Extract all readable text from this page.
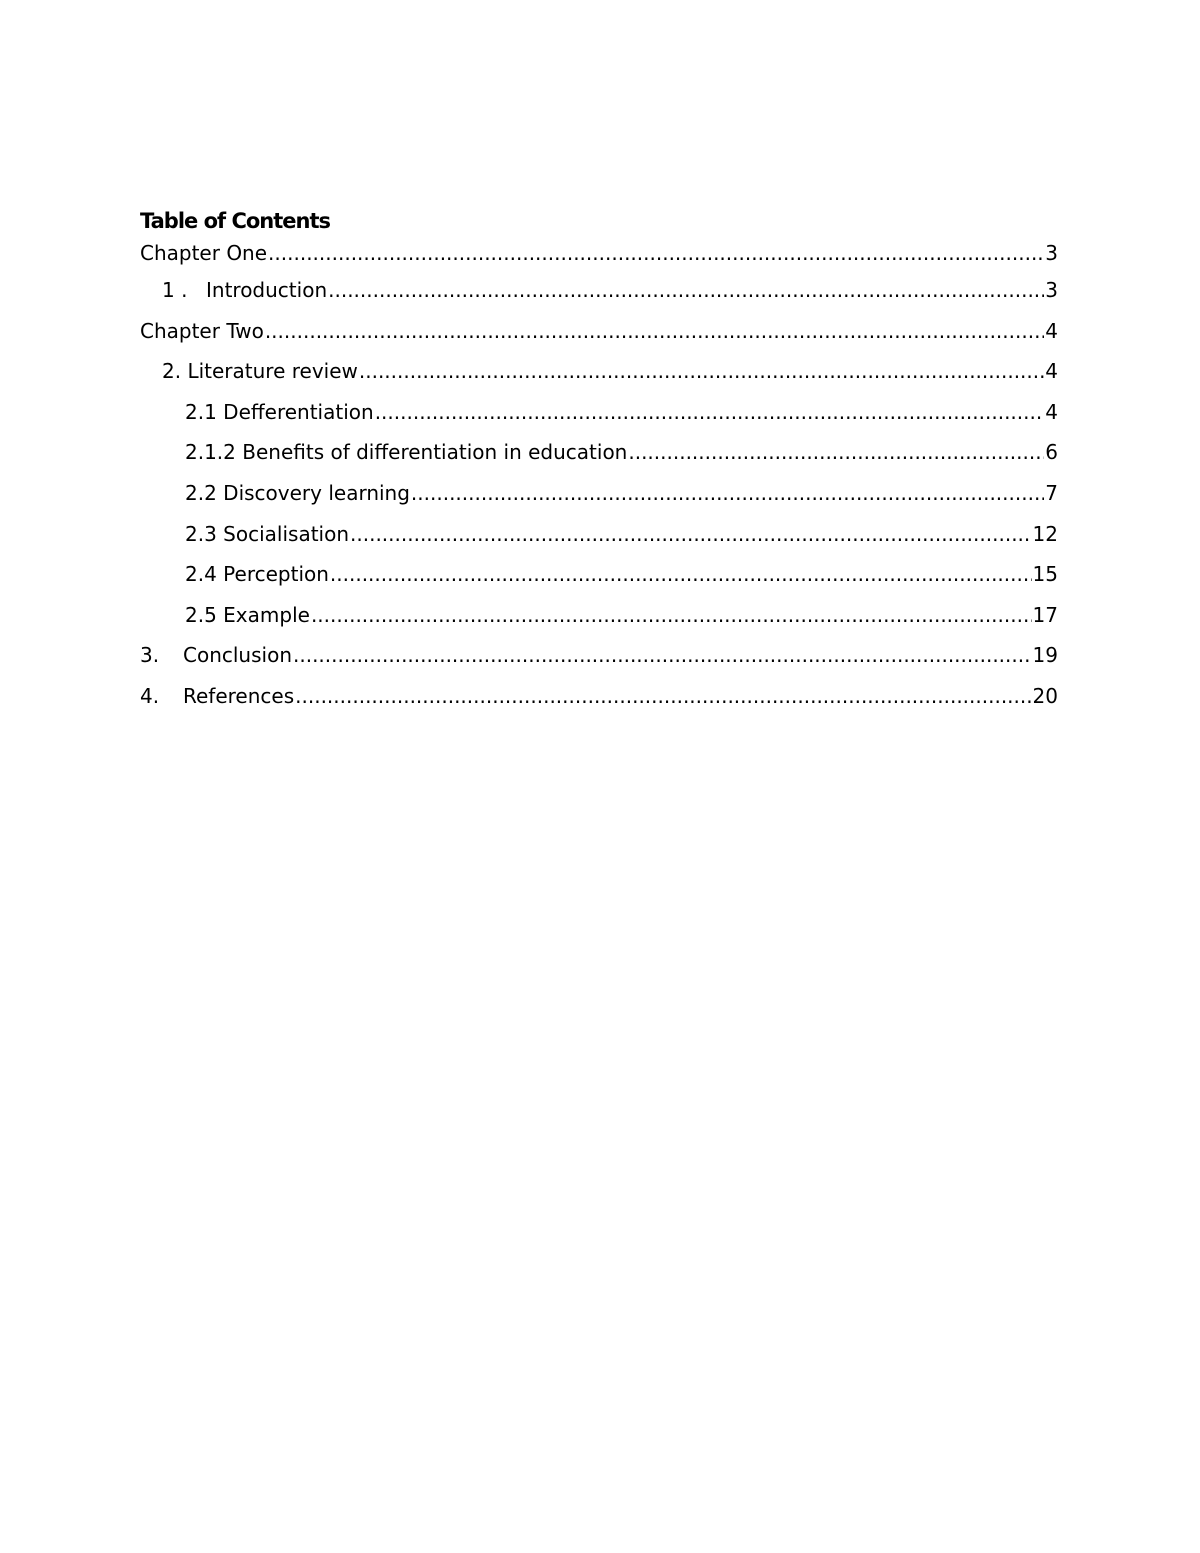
Table of Contents
Chapter One .....	3
1 . Introduction .....	3
Chapter Two .....	4
2. Literature review .....	4
2.1 Defferentiation .....	4
2.1.2 Benefits of differentiation in education .....	6
2.2 Discovery learning .....	7
2.3 Socialisation .....	12
2.4 Perception .....	15
2.5 Example .....	17
3.	Conclusion .....	19
4.	References .....	20
